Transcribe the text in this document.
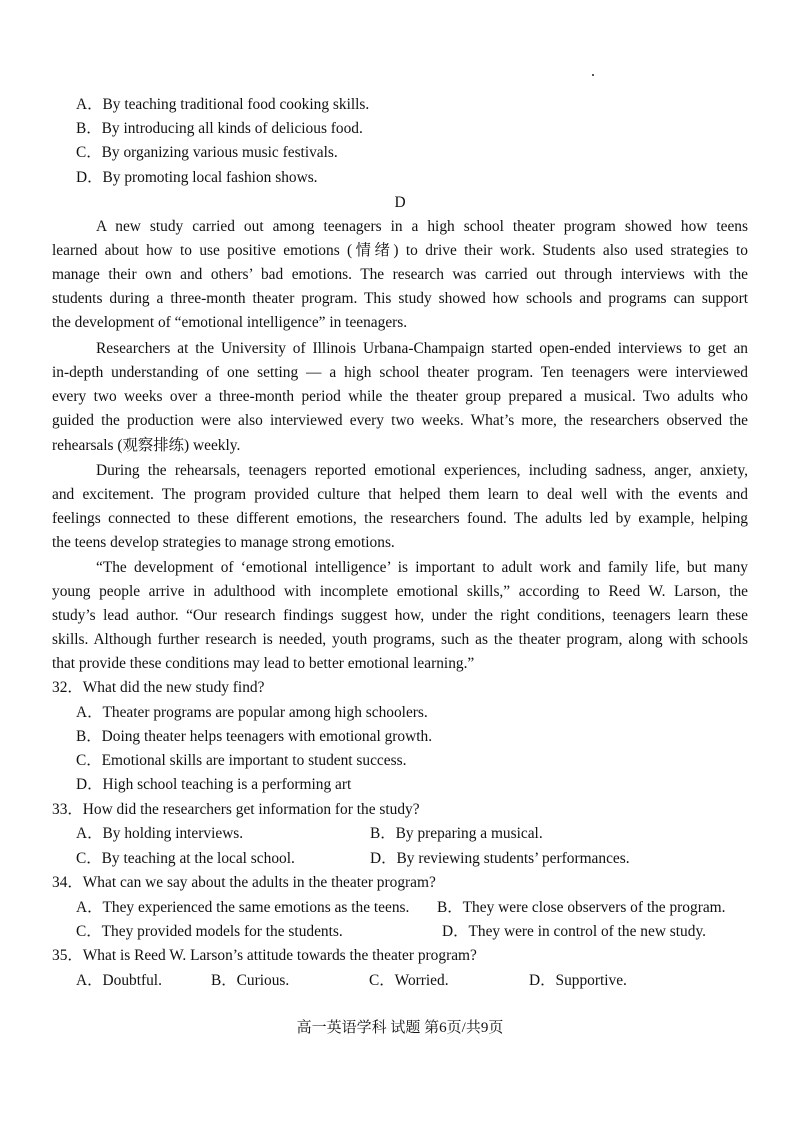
A．By teaching traditional food cooking skills.
B．By introducing all kinds of delicious food.
C．By organizing various music festivals.
D．By promoting local fashion shows.
D
A new study carried out among teenagers in a high school theater program showed how teens
learned about how to use positive emotions (情绪) to drive their work. Students also used strategies to
manage their own and others’ bad emotions. The research was carried out through interviews with the
students during a three-month theater program. This study showed how schools and programs can support
the development of “emotional intelligence” in teenagers.
Researchers at the University of Illinois Urbana-Champaign started open-ended interviews to get an
in-depth understanding of one setting — a high school theater program. Ten teenagers were interviewed
every two weeks over a three-month period while the theater group prepared a musical. Two adults who
guided the production were also interviewed every two weeks. What’s more, the researchers observed the
rehearsals (观察排练) weekly.
During the rehearsals, teenagers reported emotional experiences, including sadness, anger, anxiety,
and excitement. The program provided culture that helped them learn to deal well with the events and
feelings connected to these different emotions, the researchers found. The adults led by example, helping
the teens develop strategies to manage strong emotions.
“The development of ‘emotional intelligence’ is important to adult work and family life, but many
young people arrive in adulthood with incomplete emotional skills,” according to Reed W. Larson, the
study’s lead author. “Our research findings suggest how, under the right conditions, teenagers learn these
skills. Although further research is needed, youth programs, such as the theater program, along with schools
that provide these conditions may lead to better emotional learning.”
32．What did the new study find?
A．Theater programs are popular among high schoolers.
B．Doing theater helps teenagers with emotional growth.
C．Emotional skills are important to student success.
D．High school teaching is a performing art
33．How did the researchers get information for the study?
A．By holding interviews.	B．By preparing a musical.
C．By teaching at the local school.	D．By reviewing students’ performances.
34．What can we say about the adults in the theater program?
A．They experienced the same emotions as the teens. B．They were close observers of the program.
C．They provided models for the students.	D．They were in control of the new study.
35．What is Reed W. Larson’s attitude towards the theater program?
A．Doubtful.	B．Curious.	C．Worried.	D．Supportive.
高一英语学科 试题 第6页/共9页
